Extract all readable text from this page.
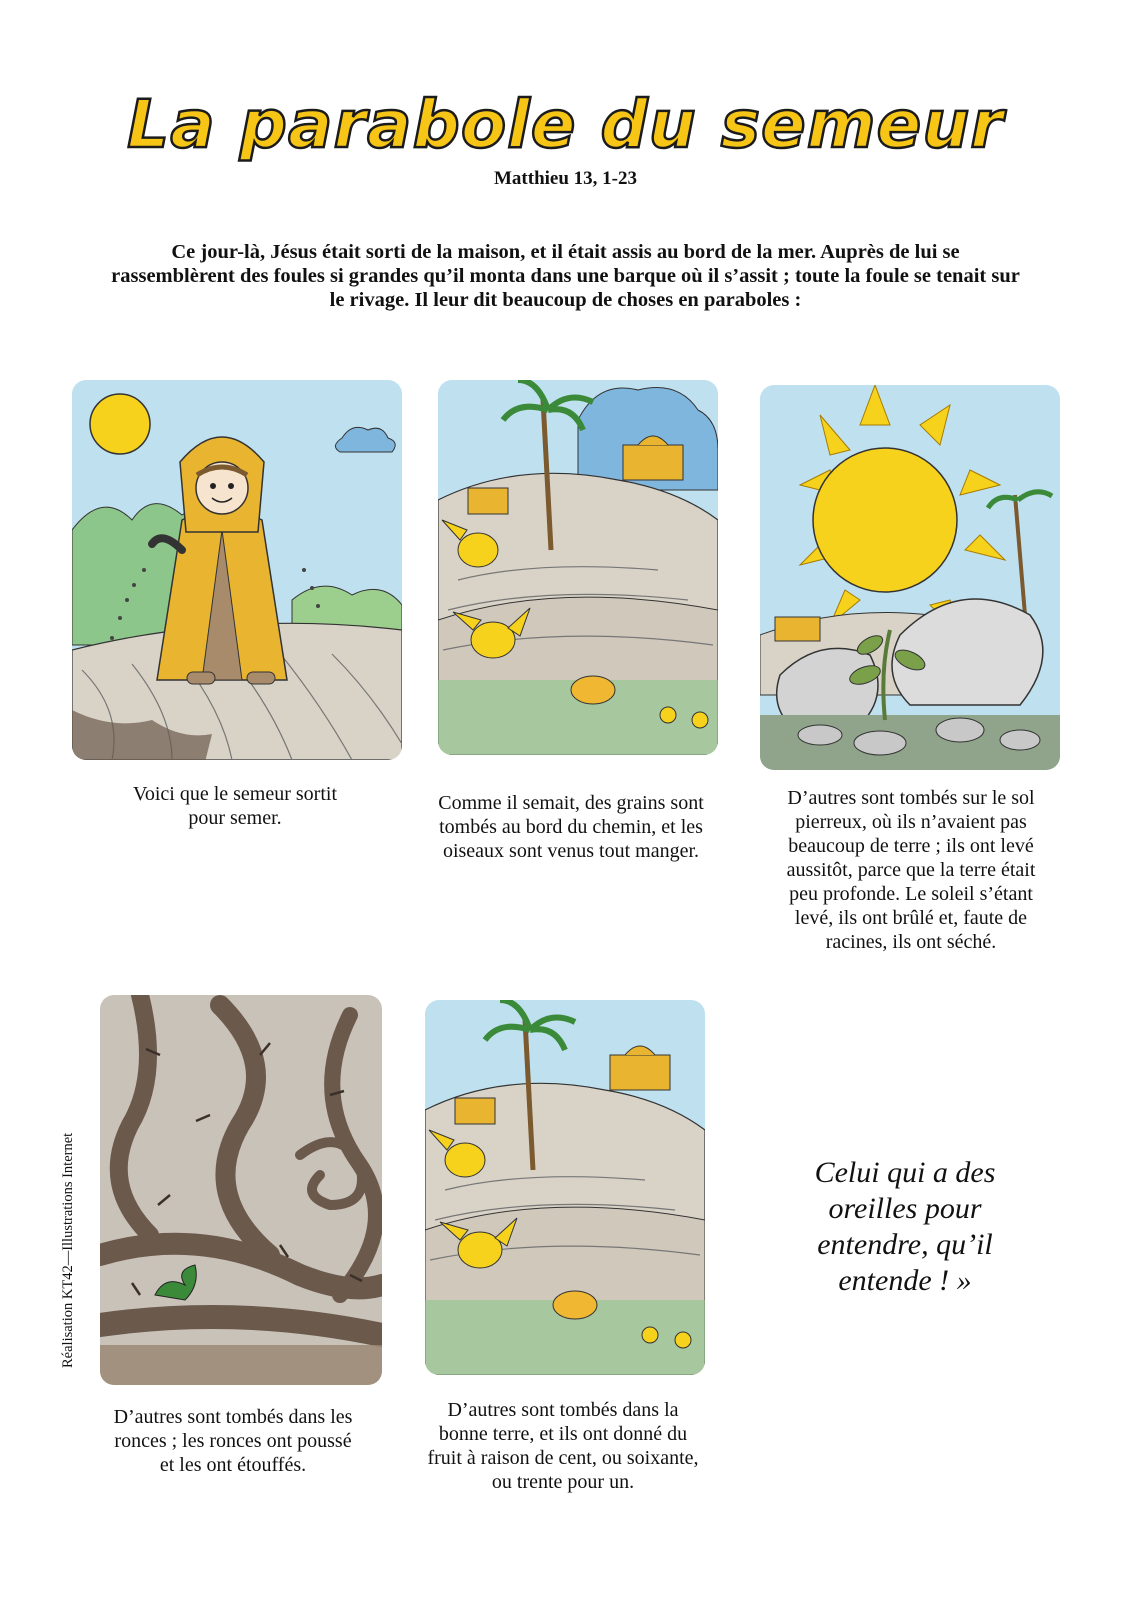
La parabole du semeur
Matthieu 13, 1-23
Ce jour-là, Jésus était sorti de la maison, et il était assis au bord de la mer. Auprès de lui se rassemblèrent des foules si grandes qu’il monta dans une barque où il s’assit ; toute la foule se tenait sur le rivage. Il leur dit beaucoup de choses en paraboles :
Voici que le semeur sortit pour semer.
Comme il semait, des grains sont tombés au bord du chemin, et les oiseaux sont venus tout manger.
D’autres sont tombés sur le sol pierreux, où ils n’avaient pas beaucoup de terre ; ils ont levé aussitôt, parce que la terre était peu profonde. Le soleil s’étant levé, ils ont brûlé et, faute de racines, ils ont séché.
D’autres sont tombés dans les ronces ; les ronces ont poussé et les ont étouffés.
D’autres sont tombés dans la bonne terre, et ils ont donné du fruit à raison de cent, ou soixante, ou trente pour un.
Celui qui a des oreilles pour entendre, qu’il entende ! »
Réalisation KT42—Illustrations Internet
